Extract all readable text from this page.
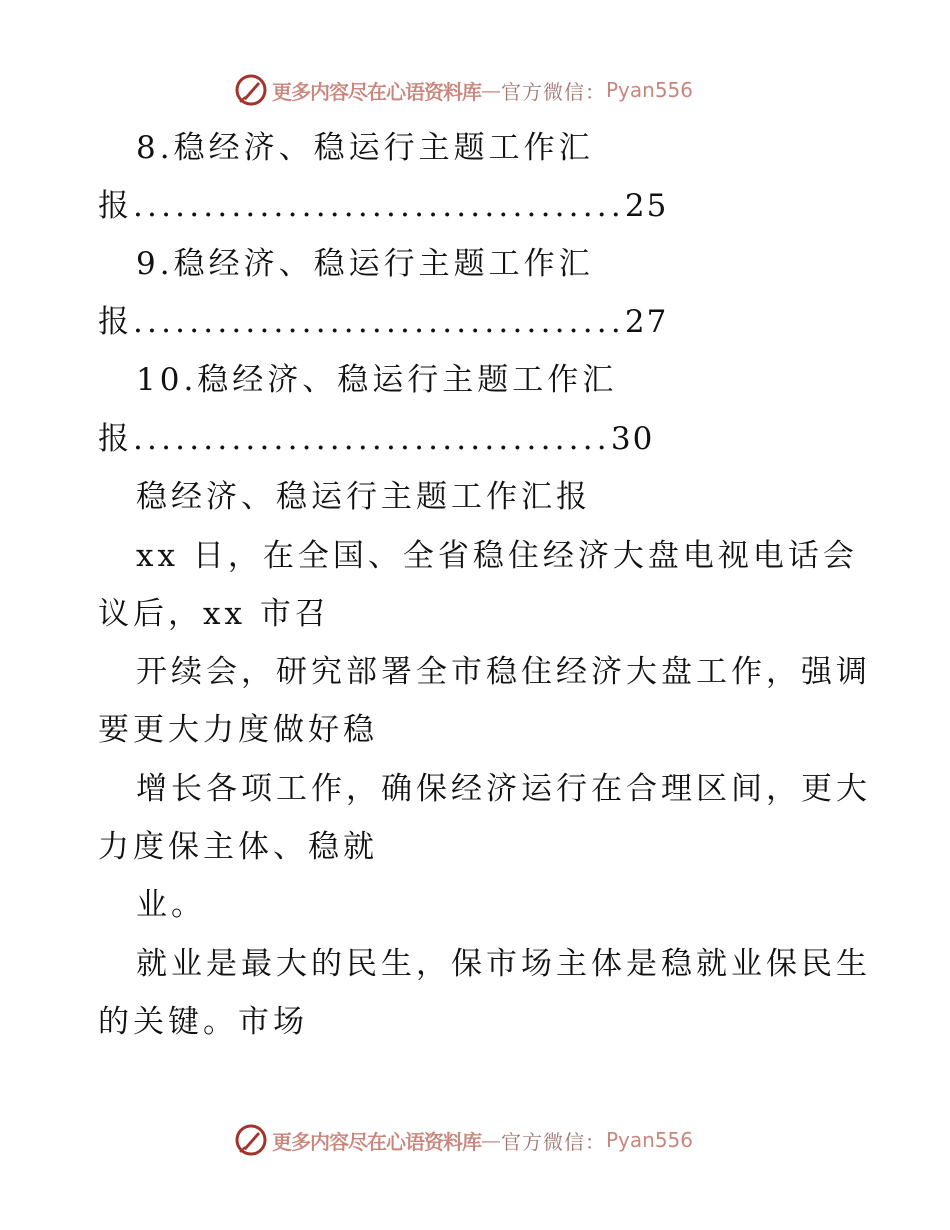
更多内容尽在心语资料库 — 官方微信： Pyan556
8.稳经济、稳运行主题工作汇
报...................................25
9.稳经济、稳运行主题工作汇
报...................................27
10.稳经济、稳运行主题工作汇
报..................................30
稳经济、稳运行主题工作汇报
xx 日，在全国、全省稳住经济大盘电视电话会
议后，xx 市召
开续会，研究部署全市稳住经济大盘工作，强调
要更大力度做好稳
增长各项工作，确保经济运行在合理区间，更大
力度保主体、稳就
业。
就业是最大的民生，保市场主体是稳就业保民生
的关键。市场
更多内容尽在心语资料库 — 官方微信： Pyan556
